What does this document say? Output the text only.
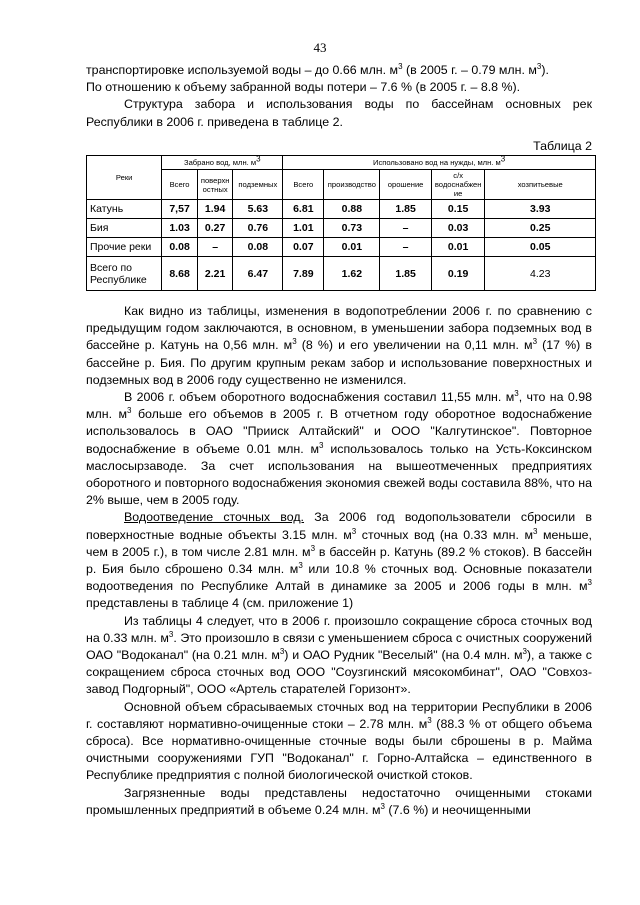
43

транспортировке используемой воды – до 0.66 млн. $м^3$ (в 2005 г. – 0.79 млн. $м^3$).
По отношению к объему забранной воды потери – 7.6 % (в 2005 г. – 8.8 %).

Структура забора и использования воды по бассейнам основных рек Республики в 2006 г. приведена в таблице 2.

Таблица 2
Реки	Забрано вод, млн. $м^3$			Использовано вод на нужды, млн. $м^3$
	Всего	поверхн остных	подземных	Всего	производство	орошение	с/х водоснабжен ие	хозпитьевые
Катунь	7,57	1.94	5.63	6.81	0.88	1.85	0.15	3.93
Бия	1.03	0.27	0.76	1.01	0.73	–	0.03	0.25
Прочие реки	0.08	–	0.08	0.07	0.01	–	0.01	0.05
Всего по Республике	8.68	2.21	6.47	7.89	1.62	1.85	0.19	4.23

Как видно из таблицы, изменения в водопотреблении 2006 г. по сравнению с предыдущим годом заключаются, в основном, в уменьшении забора подземных вод в бассейне р. Катунь на 0,56 млн. $м^3$ (8 %) и его увеличении на 0,11 млн. $м^3$ (17 %) в бассейне р. Бия. По другим крупным рекам забор и использование поверхностных и подземных вод в 2006 году существенно не изменился.

В 2006 г. объем оборотного водоснабжения составил 11,55 млн. $м^3$, что на 0.98 млн. $м^3$ больше его объемов в 2005 г. В отчетном году оборотное водоснабжение использовалось в ОАО "Прииск Алтайский" и ООО "Калгутинское". Повторное водоснабжение в объеме 0.01 млн. $м^3$ использовалось только на Усть-Коксинском маслосырзаводе. За счет использования на вышеотмеченных предприятиях оборотного и повторного водоснабжения экономия свежей воды составила 88%, что на 2% выше, чем в 2005 году.

Водоотведение сточных вод. За 2006 год водопользователи сбросили в поверхностные водные объекты 3.15 млн. $м^3$ сточных вод (на 0.33 млн. $м^3$ меньше, чем в 2005 г.), в том числе 2.81 млн. $м^3$ в бассейн р. Катунь (89.2 % стоков). В бассейн р. Бия было сброшено 0.34 млн. $м^3$ или 10.8 % сточных вод. Основные показатели водоотведения по Республике Алтай в динамике за 2005 и 2006 годы в млн. $м^3$ представлены в таблице 4 (см. приложение 1)

Из таблицы 4 следует, что в 2006 г. произошло сокращение сброса сточных вод на 0.33 млн. $м^3$. Это произошло в связи с уменьшением сброса с очистных сооружений ОАО "Водоканал" (на 0.21 млн. $м^3$) и ОАО Рудник "Веселый" (на 0.4 млн. $м^3$), а также с сокращением сброса сточных вод ООО "Соузгинский мясокомбинат", ОАО "Совхоз-завод Подгорный", ООО «Артель старателей Горизонт».

Основной объем сбрасываемых сточных вод на территории Республики в 2006 г. составляют нормативно-очищенные стоки – 2.78 млн. $м^3$ (88.3 % от общего объема сброса). Все нормативно-очищенные сточные воды были сброшены в р. Майма очистными сооружениями ГУП "Водоканал" г. Горно-Алтайска – единственного в Республике предприятия с полной биологической очисткой стоков.

Загрязненные воды представлены недостаточно очищенными стоками промышленных предприятий в объеме 0.24 млн. $м^3$ (7.6 %) и неочищенными
